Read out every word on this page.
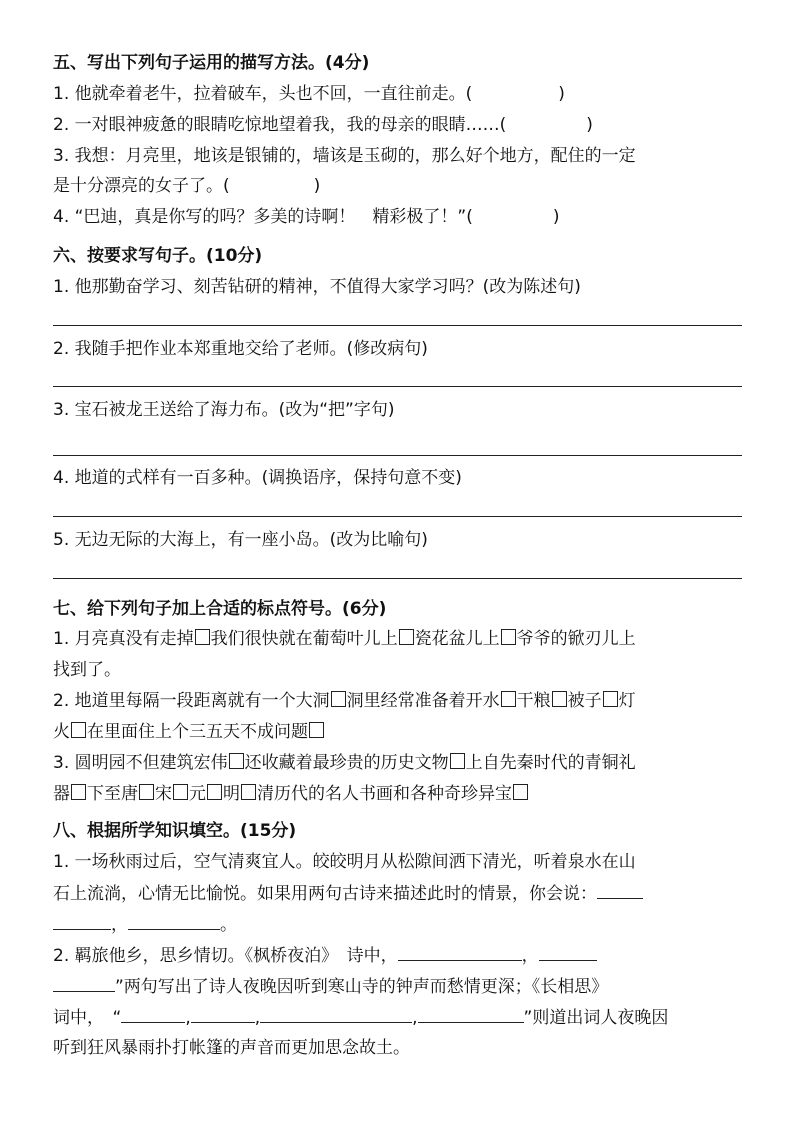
五、写出下列句子运用的描写方法。(4分)
1. 他就牵着老牛，拉着破车，头也不回，一直往前走。(	)
2. 一对眼神疲惫的眼睛吃惊地望着我，我的母亲的眼睛……(	)
3. 我想：月亮里，地该是银铺的，墙该是玉砌的，那么好个地方，配住的一定
是十分漂亮的女子了。(	)
4. “巴迪，真是你写的吗？多美的诗啊！　精彩极了！”(	)
六、按要求写句子。(10分)
1. 他那勤奋学习、刻苦钻研的精神，不值得大家学习吗？(改为陈述句)
2. 我随手把作业本郑重地交给了老师。(修改病句)
3. 宝石被龙王送给了海力布。(改为“把”字句)
4. 地道的式样有一百多种。(调换语序，保持句意不变)
5. 无边无际的大海上，有一座小岛。(改为比喻句)
七、给下列句子加上合适的标点符号。(6分)
1. 月亮真没有走掉 我们很快就在葡萄叶儿上 瓷花盆儿上 爷爷的锨刃儿上
找到了。
2. 地道里每隔一段距离就有一个大洞 洞里经常准备着开水 干粮 被子 灯
火 在里面住上个三五天不成问题
3. 圆明园不但建筑宏伟 还收藏着最珍贵的历史文物 上自先秦时代的青铜礼
器 下至唐 宋 元 明 清历代的名人书画和各种奇珍异宝
八、根据所学知识填空。(15分)
1. 一场秋雨过后，空气清爽宜人。皎皎明月从松隙间洒下清光，听着泉水在山
石上流淌，心情无比愉悦。如果用两句古诗来描述此时的情景，你会说：
，	。
2. 羁旅他乡，思乡情切。《枫桥夜泊》　诗中，	，
”两句写出了诗人夜晚因听到寒山寺的钟声而愁情更深；《长相思》
词中，　“	,	,	,	”则道出词人夜晚因
听到狂风暴雨扑打帐篷的声音而更加思念故土。
